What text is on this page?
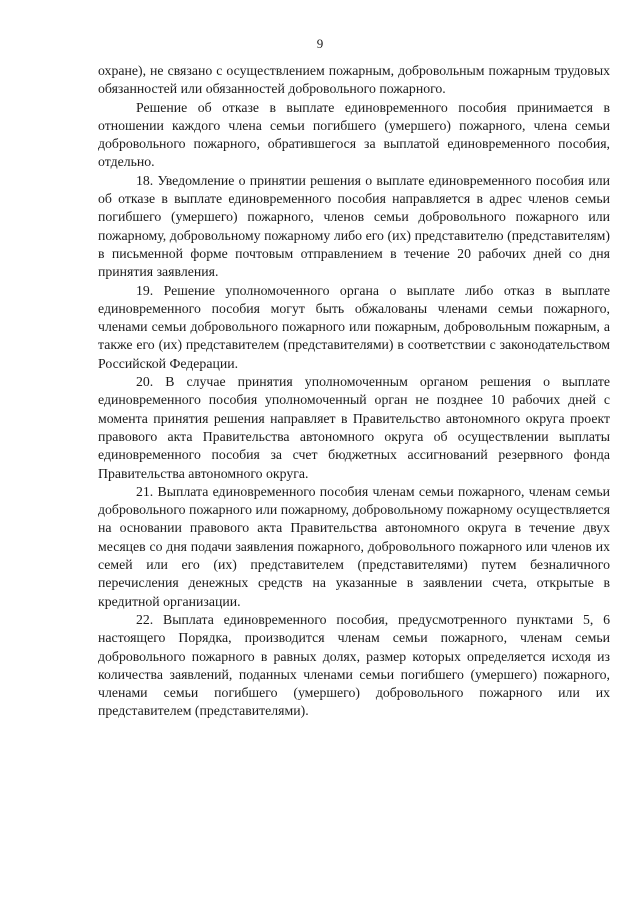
9

охране), не связано с осуществлением пожарным, добровольным пожарным трудовых обязанностей или обязанностей добровольного пожарного.

Решение об отказе в выплате единовременного пособия принимается в отношении каждого члена семьи погибшего (умершего) пожарного, члена семьи добровольного пожарного, обратившегося за выплатой единовременного пособия, отдельно.

18. Уведомление о принятии решения о выплате единовременного пособия или об отказе в выплате единовременного пособия направляется в адрес членов семьи погибшего (умершего) пожарного, членов семьи добровольного пожарного или пожарному, добровольному пожарному либо его (их) представителю (представителям) в письменной форме почтовым отправлением в течение 20 рабочих дней со дня принятия заявления.

19. Решение уполномоченного органа о выплате либо отказ в выплате единовременного пособия могут быть обжалованы членами семьи пожарного, членами семьи добровольного пожарного или пожарным, добровольным пожарным, а также его (их) представителем (представителями) в соответствии с законодательством Российской Федерации.

20. В случае принятия уполномоченным органом решения о выплате единовременного пособия уполномоченный орган не позднее 10 рабочих дней с момента принятия решения направляет в Правительство автономного округа проект правового акта Правительства автономного округа об осуществлении выплаты единовременного пособия за счет бюджетных ассигнований резервного фонда Правительства автономного округа.

21. Выплата единовременного пособия членам семьи пожарного, членам семьи добровольного пожарного или пожарному, добровольному пожарному осуществляется на основании правового акта Правительства автономного округа в течение двух месяцев со дня подачи заявления пожарного, добровольного пожарного или членов их семей или его (их) представителем (представителями) путем безналичного перечисления денежных средств на указанные в заявлении счета, открытые в кредитной организации.

22. Выплата единовременного пособия, предусмотренного пунктами 5, 6 настоящего Порядка, производится членам семьи пожарного, членам семьи добровольного пожарного в равных долях, размер которых определяется исходя из количества заявлений, поданных членами семьи погибшего (умершего) пожарного, членами семьи погибшего (умершего) добровольного пожарного или их представителем (представителями).
